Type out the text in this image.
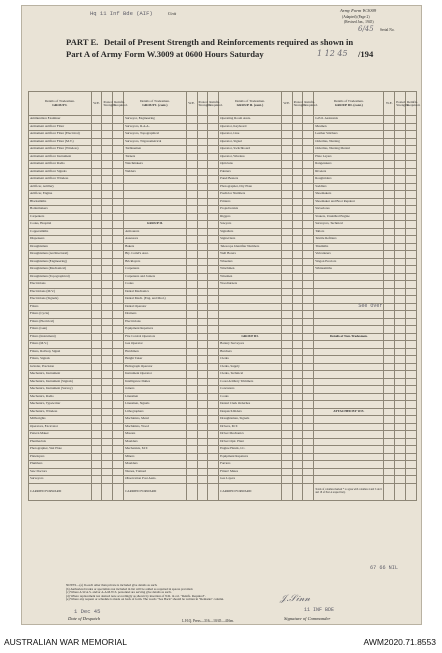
Hq 11 Inf Bde (AIF)	Unit
Army Form W.3009
(Adapted) (Page 2)
(Revised Jan., 1945)
6/45 Serial No.
PART E. Detail of Present Strength and Reinforcements required as shown in
Part A of Army Form W.3009 at 0600 Hours Saturday	1 12 45 /194
Details of Tradesmen.
GROUP I.	W.E.	Posted Strength.	Reinfts. Required.	Details of Tradesmen.
GROUP I. (cont.)	W.E.	Posted Strength.	Reinfts. Required.	Details of Tradesmen.
GROUP II. (cont.)	W.E.	Posted Strength.	Reinfts. Required.	Details of Tradesmen.
GROUP III. (cont.)	W.E.	Posted Strength.	Reinfts. Required.
Ammunition Examiner				Surveyor, Engineering				Operating Room Assts.				G.P.O. Assistants			
Armament Artificer Fitter				Surveyors, R.A.A.				Operator, Keyboard				Mesmen			
Armament Artificer Fitter (Electrical)				Surveyors, Topographical				Operator, Line				Leather Stitchers			
Armament Artificer Fitter (M.V.)				Surveyors, Trigonometrical				Operator, Signal				Orderlies, Nursing			
Armament Artificer Fitter (Wireless)				Turbinemen				Operator, Switchboard				Orderlies, Nursing Mental			
Armament Artificer Instrument				Turners				Operator, Wireless				Plate Layers			
Armament Artificer Radio				Watchmakers				Opticians				Rangetakers			
Armament Artificer Signals				Welders				Painters				Riveters			
Armament Artificer Wireless								Panel Beaters				Roughriders			
Artificer, Artillery								Photographer, Dry Plate				Saddlers			
Artificer, Engine								Predictor Numbers				Shoemakers			
Blacksmiths								Printers				Shoemaker and Boot Repairer			
Boilermakers								Projectionists				Stevedores			
Carpenters								Riggers				Stokers, Unskilled Engine			
Cooks, Hospital				GROUP II.				Sawyers				Surveyors, Technical			
Coppersmiths				Armourers				Signallers				Tailors			
Dispensers				Assessors				Signwriters				Textile Refitters			
Draughtsmen				Bakers				Telescope Identifier Numbers				Tinsmiths			
Draughtsmen (Architectural)				Bty. Comd's Asst.				Well Borers				Vulcanizers			
Draughtsmen (Engineering)				Bricklayers				Wheelers				Wagon Erectors			
Draughtsmen (Mechanical)				Carpenters				Winchmen				Whitesmiths			
Draughtsmen (Topographical)				Carpenters and Joiners				Wiremen							
Electricians				Cooks				Woodturners							
Electricians (M.V.)				Dental Mechanics											
Electricians (Signals)				Dental Mech. (Eng. and Mod.)											
Fitters				Dental Operator								See Over			
Fitters (Cycle)				Drainers											
Fitters (Electrical)				Electricians											
Fitters (Gun)				Equipment Repairers											
Fitters (Instrument)				Fire Control Operators				GROUP III.				Details of Non-Tradesmen.			
Fitters (M.V.)				Gas Operator				Battery Surveyors							
Fitters, Railway Signal				Hatchmen				Butchers							
Fitters, Signals				Height Taker				Clerks							
Grinder, Precision				Heliograph Operator				Clerks, Supply							
Mechanics, Instrument				Instrument Operator				Clerks, Technical							
Mechanics, Instrument (Signals)				Intelligence Duties				Coast Artillery Trimmers							
Mechanics, Instrument (Survey)				Joiners				Concreters							
Mechanics, Radio				Linesmen				Cooks							
Mechanics, Typewriter				Linesmen, Signals				Dental Clerk Orderlies							
Mechanics, Wireless				Lithographers				Despatch Riders				ATTACHED BY W.E.			
Millwrights				Machinists, Metal				Draughtsmen, Signals							
Operators, Excavator				Machinists, Wood				Drivers, M.T.							
Pattern Maker				Masons				Driver Mechanics							
Pharmacists				Moulders				Driver Optr. Plant							
Photographer, Wet Plate				Mechanists, M.T.				Engine Hands, I.C.							
Platelayers				Miners				Equipment Repairers							
Plumbers				Moulders				Farriers							
Saw Doctors				Nurses, Trained				Fitters' Mates							
Surveyors				Observation Post Assts.				Gas Layers							
CARRIED FORWARD				CARRIED FORWARD				CARRIED FORWARD				Totals of columns marked * to agree with columns 4 and 5 and 1 and 18 of Part A respectively.			
67 66 NIL
NOTES—(a) In each other than private is included give details as such.
(b) Authorized trades or specialists not included in list will be added as required in spaces provided.
(c) Where A.W.A.S. and/or A.A.M.W.S. personnel are serving give details as such.
(d) Where replacement not desired note accordingly as shown by insertion of N.R. in col. "Reinfs. Required".
(e) Where any request or schedule is made on back of form. The words "See Back" should be written in "Remarks" column.
1 Dec 45
Date of Despatch
𝒥.𝒮𝒾𝓃𝓃
11 INF BDE
Signature of Commander
L.H.Q. Press—316—10/45—416m.
AUSTRALIAN WAR MEMORIAL	AWM2020.71.8553
